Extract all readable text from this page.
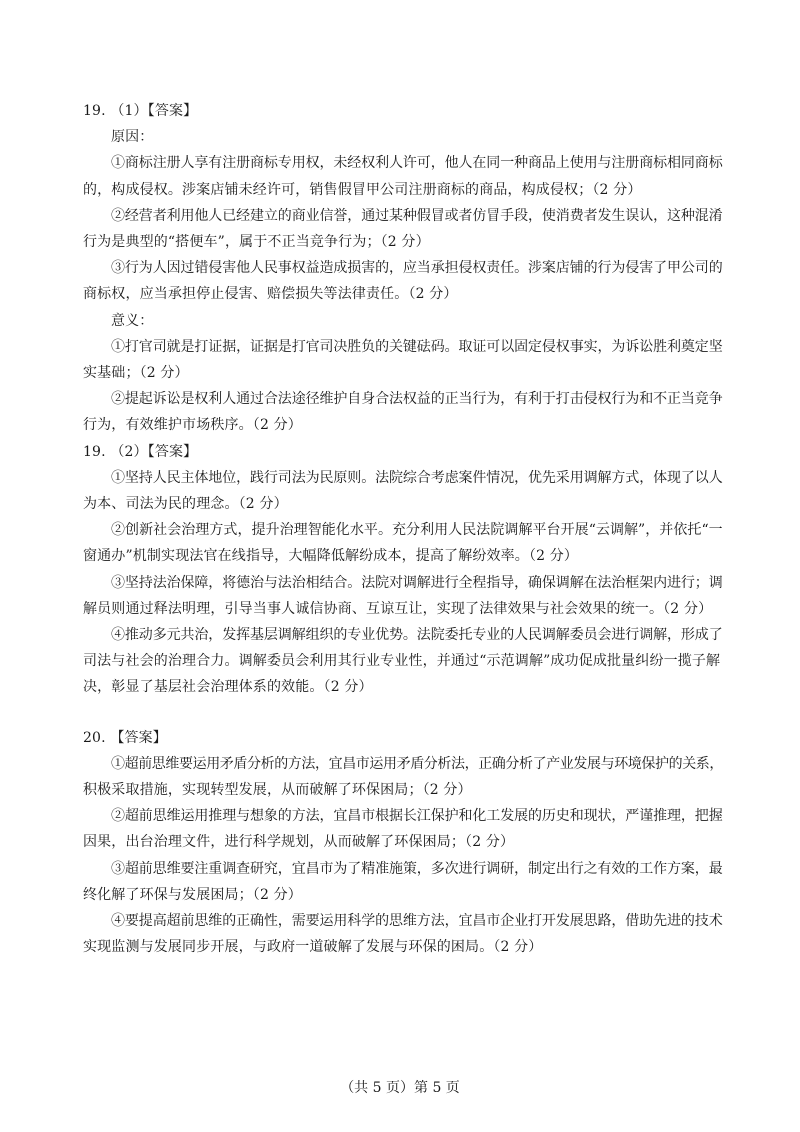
19. （1）【答案】
原因：
①商标注册人享有注册商标专用权，未经权利人许可，他人在同一种商品上使用与注册商标相同商标
的，构成侵权。涉案店铺未经许可，销售假冒甲公司注册商标的商品，构成侵权；（2 分）
②经营者利用他人已经建立的商业信誉，通过某种假冒或者仿冒手段，使消费者发生误认，这种混淆
行为是典型的“搭便车”，属于不正当竞争行为；（2 分）
③行为人因过错侵害他人民事权益造成损害的，应当承担侵权责任。涉案店铺的行为侵害了甲公司的
商标权，应当承担停止侵害、赔偿损失等法律责任。（2 分）
意义：
①打官司就是打证据，证据是打官司决胜负的关键砝码。取证可以固定侵权事实，为诉讼胜利奠定坚
实基础；（2 分）
②提起诉讼是权利人通过合法途径维护自身合法权益的正当行为，有利于打击侵权行为和不正当竞争
行为，有效维护市场秩序。（2 分）
19. （2）【答案】
①坚持人民主体地位，践行司法为民原则。法院综合考虑案件情况，优先采用调解方式，体现了以人
为本、司法为民的理念。（2 分）
②创新社会治理方式，提升治理智能化水平。充分利用人民法院调解平台开展“云调解”，并依托“一
窗通办”机制实现法官在线指导，大幅降低解纷成本，提高了解纷效率。（2 分）
③坚持法治保障，将德治与法治相结合。法院对调解进行全程指导，确保调解在法治框架内进行；调
解员则通过释法明理，引导当事人诚信协商、互谅互让，实现了法律效果与社会效果的统一。（2 分）
④推动多元共治，发挥基层调解组织的专业优势。法院委托专业的人民调解委员会进行调解，形成了
司法与社会的治理合力。调解委员会利用其行业专业性，并通过“示范调解”成功促成批量纠纷一揽子解
决，彰显了基层社会治理体系的效能。（2 分）
20. 【答案】
①超前思维要运用矛盾分析的方法，宜昌市运用矛盾分析法，正确分析了产业发展与环境保护的关系，
积极采取措施，实现转型发展，从而破解了环保困局；（2 分）
②超前思维运用推理与想象的方法，宜昌市根据长江保护和化工发展的历史和现状，严谨推理，把握
因果，出台治理文件，进行科学规划，从而破解了环保困局；（2 分）
③超前思维要注重调查研究，宜昌市为了精准施策，多次进行调研，制定出行之有效的工作方案，最
终化解了环保与发展困局；（2 分）
④要提高超前思维的正确性，需要运用科学的思维方法，宜昌市企业打开发展思路，借助先进的技术
实现监测与发展同步开展，与政府一道破解了发展与环保的困局。（2 分）
（共 5 页）第 5 页
